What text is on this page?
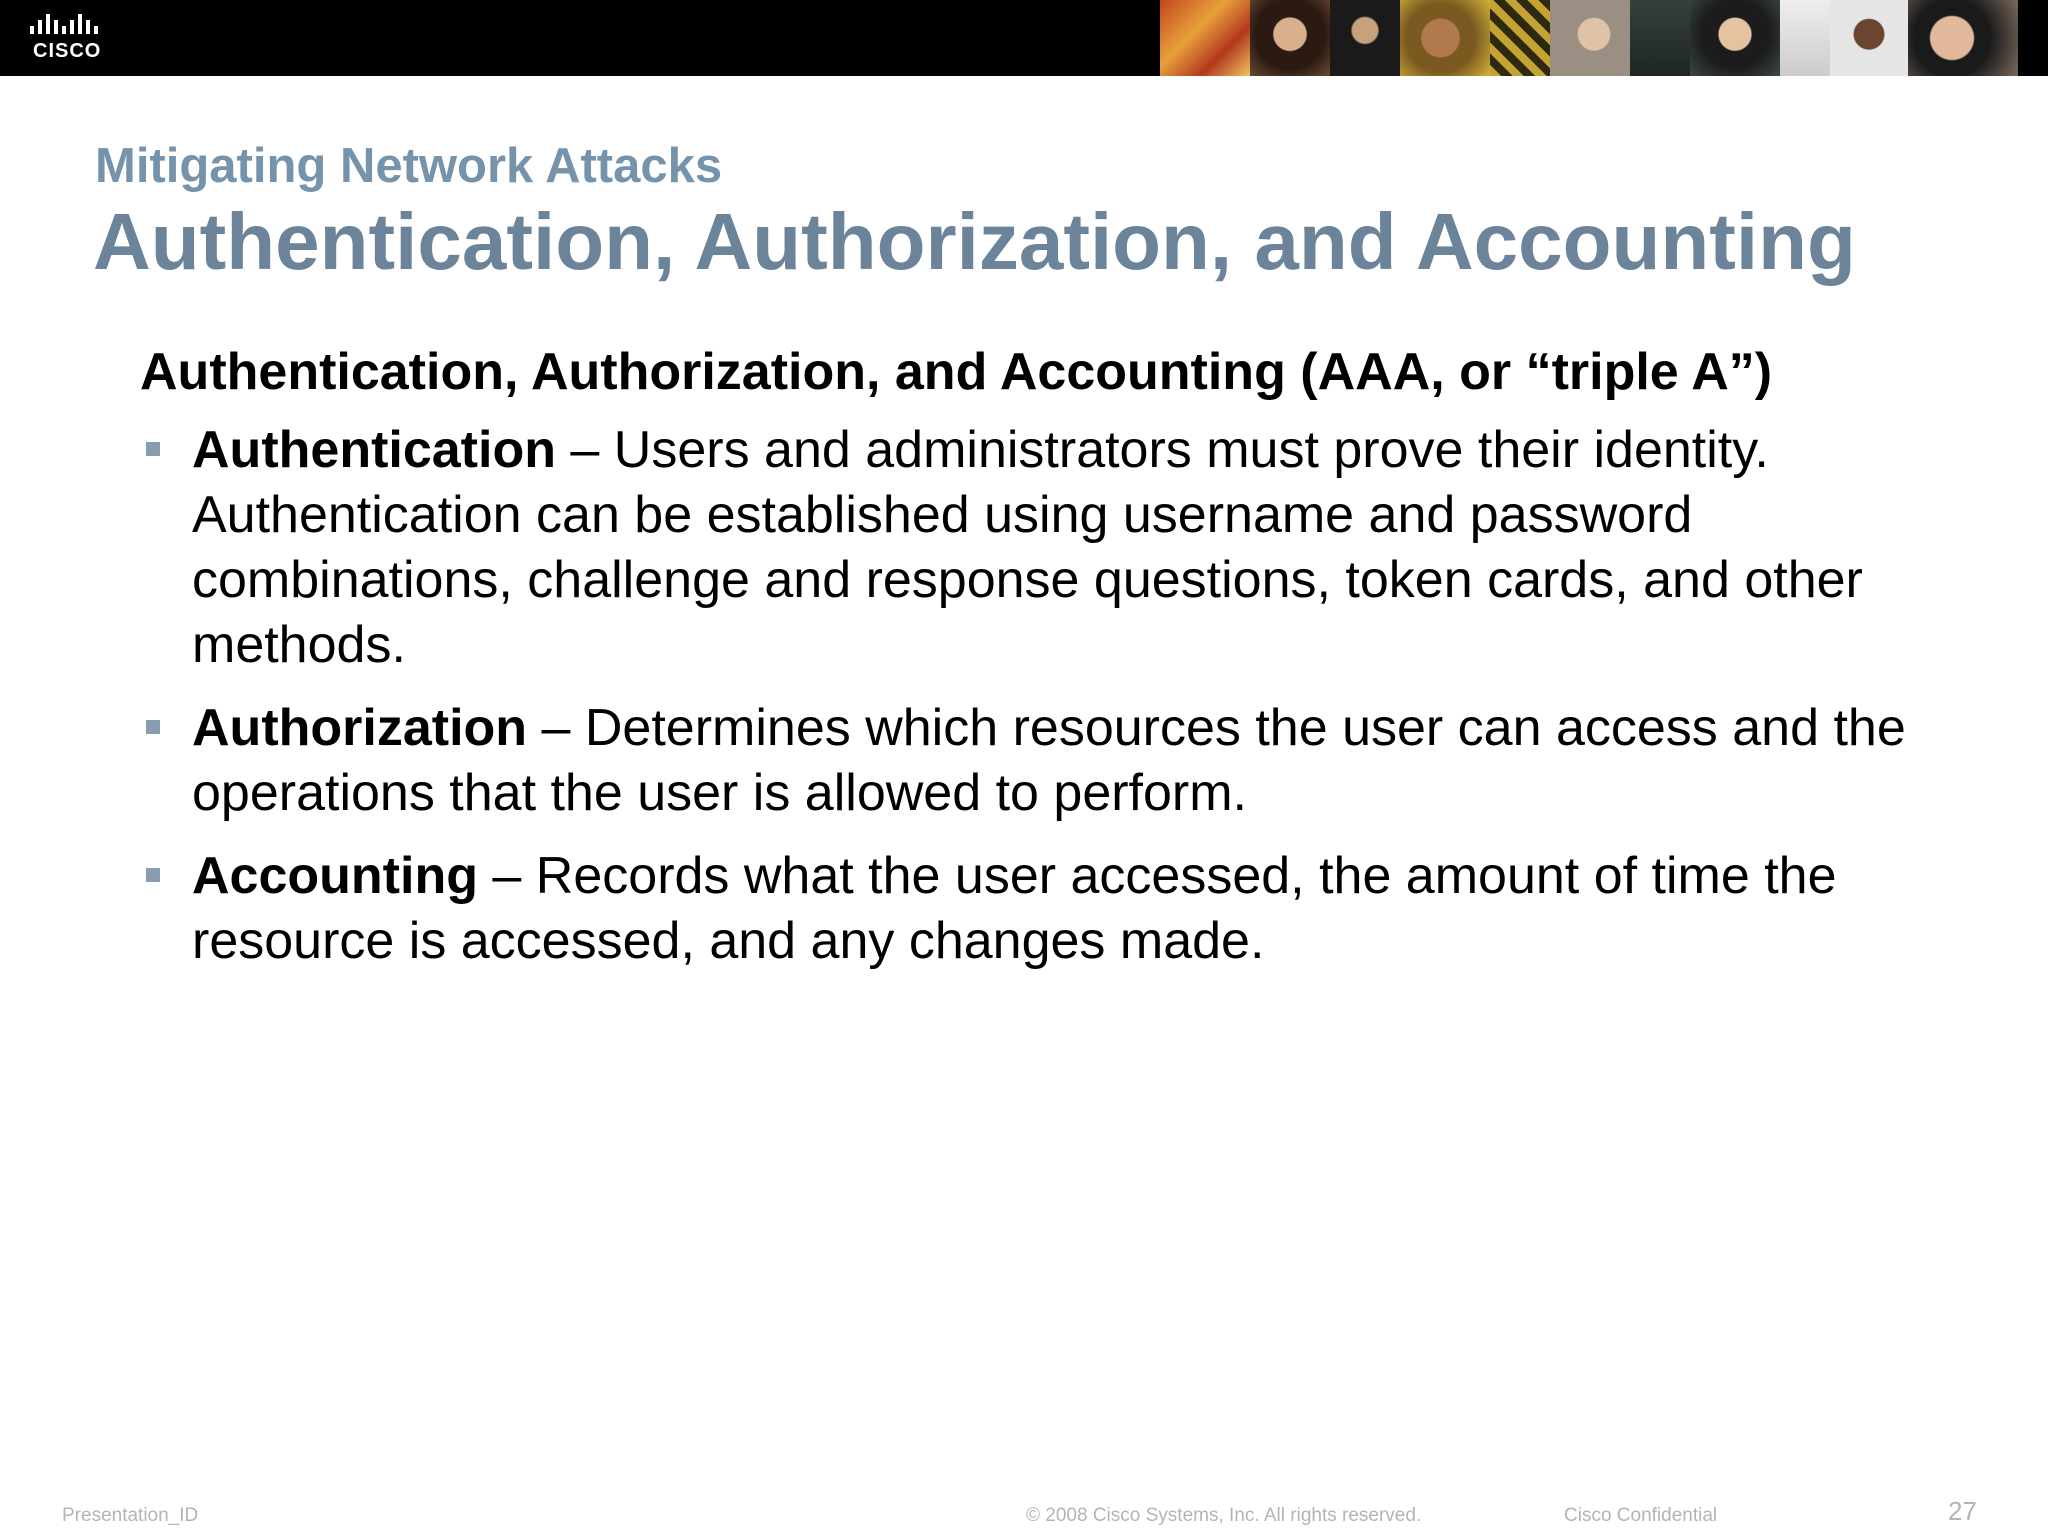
CISCO
Mitigating Network Attacks
Authentication, Authorization, and Accounting
Authentication, Authorization, and Accounting (AAA, or “triple A”)
Authentication – Users and administrators must prove their identity. Authentication can be established using username and password combinations, challenge and response questions, token cards, and other methods.
Authorization – Determines which resources the user can access and the operations that the user is allowed to perform.
Accounting – Records what the user accessed, the amount of time the resource is accessed, and any changes made.
Presentation_ID	© 2008 Cisco Systems, Inc. All rights reserved.	Cisco Confidential	27
